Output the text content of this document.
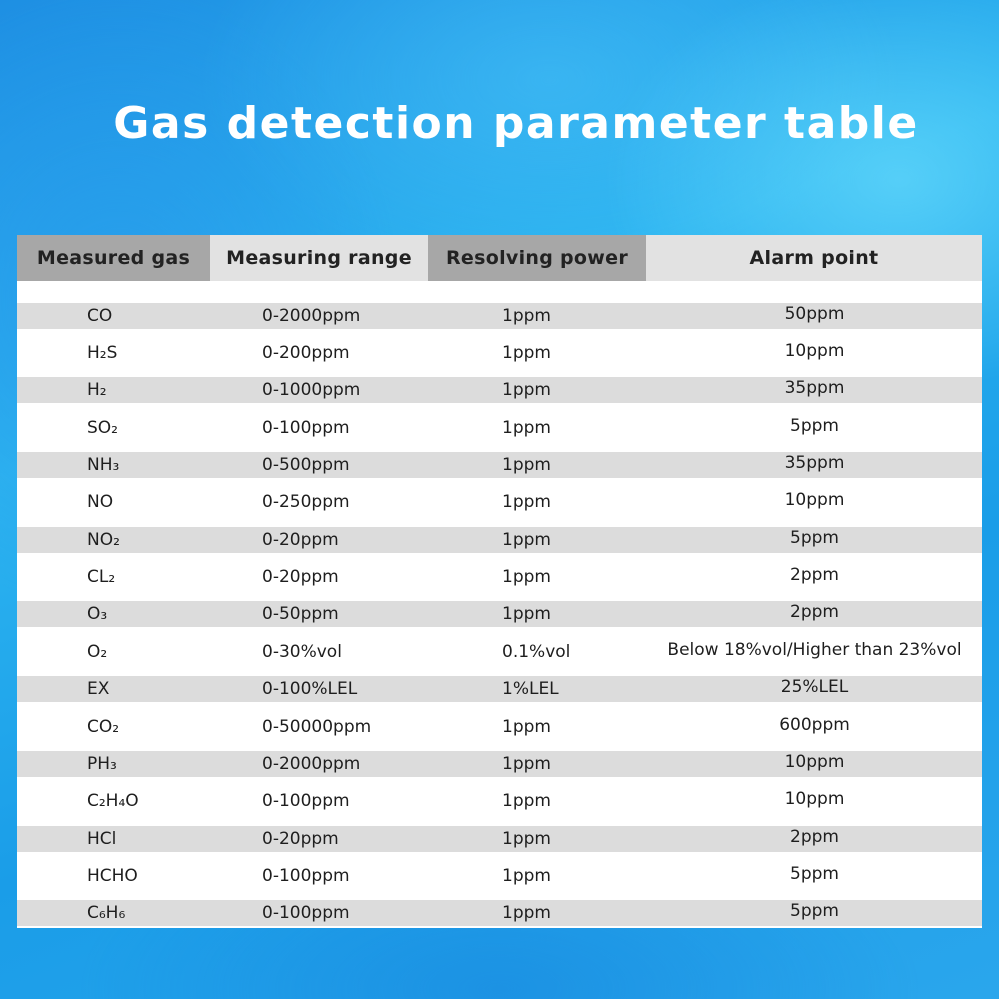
Gas detection parameter table
Measured gas	Measuring range	Resolving power	Alarm point
CO	0-2000ppm	1ppm	50ppm
H₂S	0-200ppm	1ppm	10ppm
H₂	0-1000ppm	1ppm	35ppm
SO₂	0-100ppm	1ppm	5ppm
NH₃	0-500ppm	1ppm	35ppm
NO	0-250ppm	1ppm	10ppm
NO₂	0-20ppm	1ppm	5ppm
CL₂	0-20ppm	1ppm	2ppm
O₃	0-50ppm	1ppm	2ppm
O₂	0-30%vol	0.1%vol	Below 18%vol/Higher than 23%vol
EX	0-100%LEL	1%LEL	25%LEL
CO₂	0-50000ppm	1ppm	600ppm
PH₃	0-2000ppm	1ppm	10ppm
C₂H₄O	0-100ppm	1ppm	10ppm
HCl	0-20ppm	1ppm	2ppm
HCHO	0-100ppm	1ppm	5ppm
C₆H₆	0-100ppm	1ppm	5ppm
